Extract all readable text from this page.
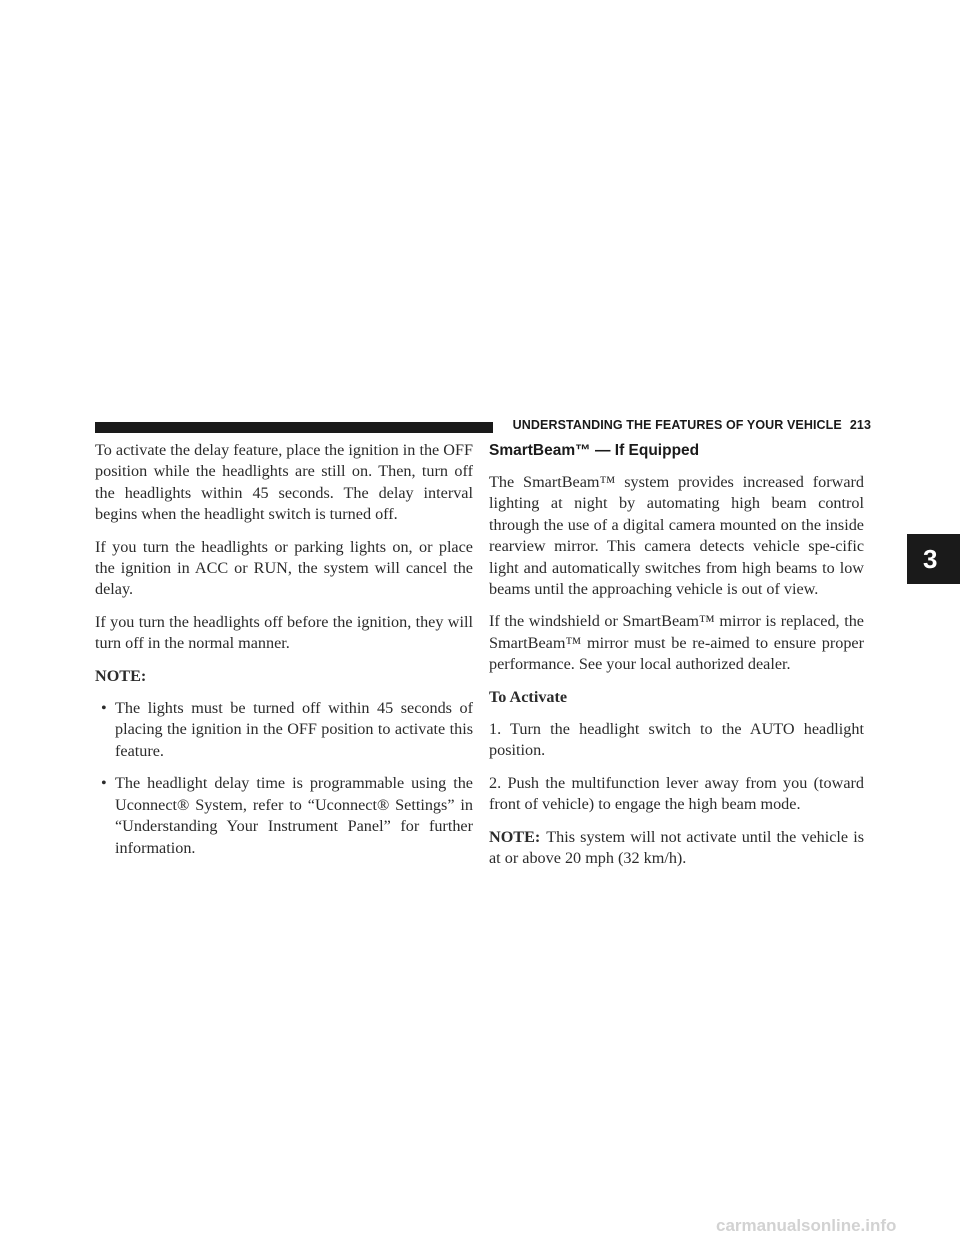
UNDERSTANDING THE FEATURES OF YOUR VEHICLE 213

To activate the delay feature, place the ignition in the OFF position while the headlights are still on. Then, turn off the headlights within 45 seconds. The delay interval begins when the headlight switch is turned off.

If you turn the headlights or parking lights on, or place the ignition in ACC or RUN, the system will cancel the delay.

If you turn the headlights off before the ignition, they will turn off in the normal manner.

NOTE:

• The lights must be turned off within 45 seconds of placing the ignition in the OFF position to activate this feature.
• The headlight delay time is programmable using the Uconnect® System, refer to “Uconnect® Settings” in “Understanding Your Instrument Panel” for further information.

SmartBeam™ — If Equipped

The SmartBeam™ system provides increased forward lighting at night by automating high beam control through the use of a digital camera mounted on the inside rearview mirror. This camera detects vehicle spe-cific light and automatically switches from high beams to low beams until the approaching vehicle is out of view.

If the windshield or SmartBeam™ mirror is replaced, the SmartBeam™ mirror must be re-aimed to ensure proper performance. See your local authorized dealer.

To Activate

1. Turn the headlight switch to the AUTO headlight position.

2. Push the multifunction lever away from you (toward front of vehicle) to engage the high beam mode.

NOTE: This system will not activate until the vehicle is at or above 20 mph (32 km/h).

3
carmanualsonline.info
